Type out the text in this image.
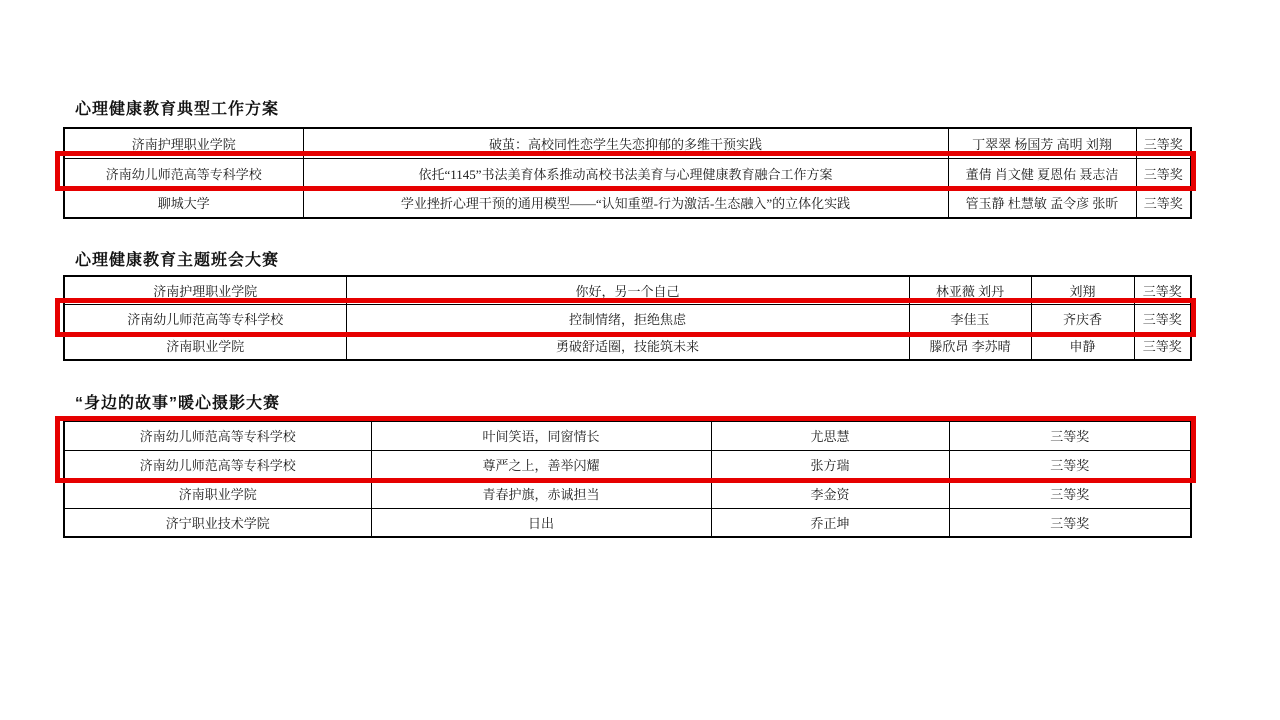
心理健康教育典型工作方案
济南护理职业学院	破茧：高校同性恋学生失恋抑郁的多维干预实践	丁翠翠 杨国芳 高明 刘翔	三等奖
济南幼儿师范高等专科学校	依托“1145”书法美育体系推动高校书法美育与心理健康教育融合工作方案	董倩 肖文健 夏恩佑 聂志洁	三等奖
聊城大学	学业挫折心理干预的通用模型——“认知重塑-行为激活-生态融入”的立体化实践	管玉静 杜慧敏 孟令彦 张昕	三等奖
心理健康教育主题班会大赛
济南护理职业学院	你好，另一个自己	林亚薇 刘丹	刘翔	三等奖
济南幼儿师范高等专科学校	控制情绪，拒绝焦虑	李佳玉	齐庆香	三等奖
济南职业学院	勇破舒适圈，技能筑未来	滕欣昂 李苏晴	申静	三等奖
“身边的故事”暖心摄影大赛
济南幼儿师范高等专科学校	叶间笑语，同窗情长	尤思慧	三等奖
济南幼儿师范高等专科学校	尊严之上，善举闪耀	张方瑞	三等奖
济南职业学院	青春护旗，赤诚担当	李金资	三等奖
济宁职业技术学院	日出	乔正坤	三等奖
